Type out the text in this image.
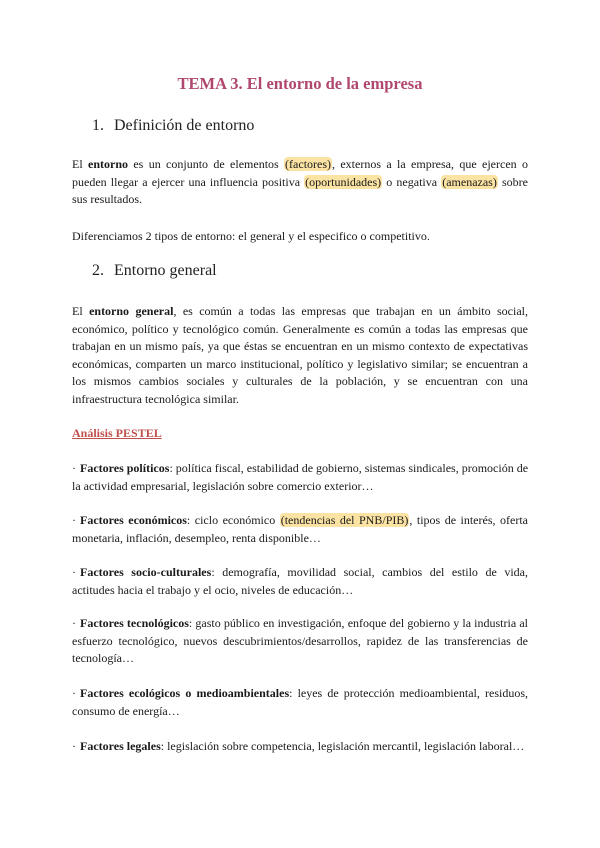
TEMA 3. El entorno de la empresa
1. Definición de entorno
El entorno es un conjunto de elementos (factores), externos a la empresa, que ejercen o pueden llegar a ejercer una influencia positiva (oportunidades) o negativa (amenazas) sobre sus resultados.
Diferenciamos 2 tipos de entorno: el general y el especifico o competitivo.
2. Entorno general
El entorno general, es común a todas las empresas que trabajan en un ámbito social, económico, político y tecnológico común. Generalmente es común a todas las empresas que trabajan en un mismo país, ya que éstas se encuentran en un mismo contexto de expectativas económicas, comparten un marco institucional, político y legislativo similar; se encuentran a los mismos cambios sociales y culturales de la población, y se encuentran con una infraestructura tecnológica similar.
Análisis PESTEL
· Factores políticos: política fiscal, estabilidad de gobierno, sistemas sindicales, promoción de la actividad empresarial, legislación sobre comercio exterior…
· Factores económicos: ciclo económico (tendencias del PNB/PIB), tipos de interés, oferta monetaria, inflación, desempleo, renta disponible…
· Factores socio-culturales: demografía, movilidad social, cambios del estilo de vida, actitudes hacia el trabajo y el ocio, niveles de educación…
· Factores tecnológicos: gasto público en investigación, enfoque del gobierno y la industria al esfuerzo tecnológico, nuevos descubrimientos/desarrollos, rapidez de las transferencias de tecnología…
· Factores ecológicos o medioambientales: leyes de protección medioambiental, residuos, consumo de energía…
· Factores legales: legislación sobre competencia, legislación mercantil, legislación laboral…
